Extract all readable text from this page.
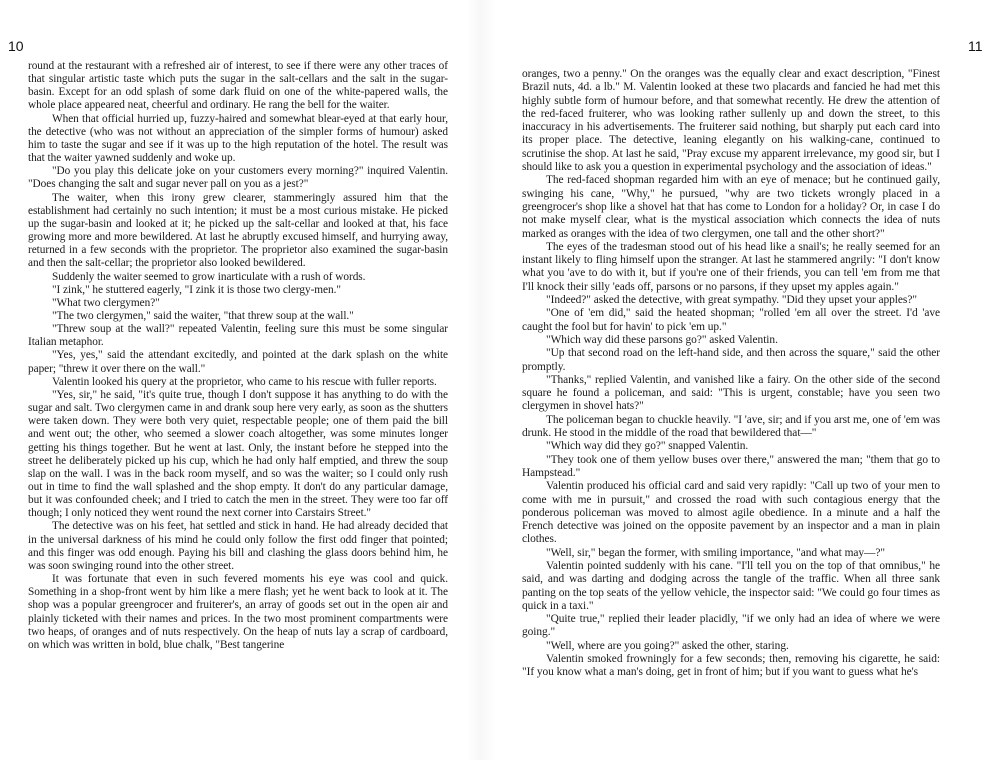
10	11

round at the restaurant with a refreshed air of interest, to see if there were any other traces of that singular artistic taste which puts the sugar in the salt-cellars and the salt in the sugar-basin. Except for an odd splash of some dark fluid on one of the white-papered walls, the whole place appeared neat, cheerful and ordinary. He rang the bell for the waiter.

When that official hurried up, fuzzy-haired and somewhat blear-eyed at that early hour, the detective (who was not without an appreciation of the simpler forms of humour) asked him to taste the sugar and see if it was up to the high reputation of the hotel. The result was that the waiter yawned suddenly and woke up.

"Do you play this delicate joke on your customers every morning?" inquired Valentin. "Does changing the salt and sugar never pall on you as a jest?"

The waiter, when this irony grew clearer, stammeringly assured him that the establishment had certainly no such intention; it must be a most curious mistake. He picked up the sugar-basin and looked at it; he picked up the salt-cellar and looked at that, his face growing more and more bewildered. At last he abruptly excused himself, and hurrying away, returned in a few seconds with the proprietor. The proprietor also examined the sugar-basin and then the salt-cellar; the proprietor also looked bewildered.

Suddenly the waiter seemed to grow inarticulate with a rush of words.

"I zink," he stuttered eagerly, "I zink it is those two clergy-men."

"What two clergymen?"

"The two clergymen," said the waiter, "that threw soup at the wall."

"Threw soup at the wall?" repeated Valentin, feeling sure this must be some singular Italian metaphor.

"Yes, yes," said the attendant excitedly, and pointed at the dark splash on the white paper; "threw it over there on the wall."

Valentin looked his query at the proprietor, who came to his rescue with fuller reports.

"Yes, sir," he said, "it's quite true, though I don't suppose it has anything to do with the sugar and salt. Two clergymen came in and drank soup here very early, as soon as the shutters were taken down. They were both very quiet, respectable people; one of them paid the bill and went out; the other, who seemed a slower coach altogether, was some minutes longer getting his things together. But he went at last. Only, the instant before he stepped into the street he deliberately picked up his cup, which he had only half emptied, and threw the soup slap on the wall. I was in the back room myself, and so was the waiter; so I could only rush out in time to find the wall splashed and the shop empty. It don't do any particular damage, but it was confounded cheek; and I tried to catch the men in the street. They were too far off though; I only noticed they went round the next corner into Carstairs Street."

The detective was on his feet, hat settled and stick in hand. He had already decided that in the universal darkness of his mind he could only follow the first odd finger that pointed; and this finger was odd enough. Paying his bill and clashing the glass doors behind him, he was soon swinging round into the other street.

It was fortunate that even in such fevered moments his eye was cool and quick. Something in a shop-front went by him like a mere flash; yet he went back to look at it. The shop was a popular greengrocer and fruiterer's, an array of goods set out in the open air and plainly ticketed with their names and prices. In the two most prominent compartments were two heaps, of oranges and of nuts respectively. On the heap of nuts lay a scrap of cardboard, on which was written in bold, blue chalk, "Best tangerine

oranges, two a penny." On the oranges was the equally clear and exact description, "Finest Brazil nuts, 4d. a lb." M. Valentin looked at these two placards and fancied he had met this highly subtle form of humour before, and that somewhat recently. He drew the attention of the red-faced fruiterer, who was looking rather sullenly up and down the street, to this inaccuracy in his advertisements. The fruiterer said nothing, but sharply put each card into its proper place. The detective, leaning elegantly on his walking-cane, continued to scrutinise the shop. At last he said, "Pray excuse my apparent irrelevance, my good sir, but I should like to ask you a question in experimental psychology and the association of ideas."

The red-faced shopman regarded him with an eye of menace; but he continued gaily, swinging his cane, "Why," he pursued, "why are two tickets wrongly placed in a greengrocer's shop like a shovel hat that has come to London for a holiday? Or, in case I do not make myself clear, what is the mystical association which connects the idea of nuts marked as oranges with the idea of two clergymen, one tall and the other short?"

The eyes of the tradesman stood out of his head like a snail's; he really seemed for an instant likely to fling himself upon the stranger. At last he stammered angrily: "I don't know what you 'ave to do with it, but if you're one of their friends, you can tell 'em from me that I'll knock their silly 'eads off, parsons or no parsons, if they upset my apples again."

"Indeed?" asked the detective, with great sympathy. "Did they upset your apples?"

"One of 'em did," said the heated shopman; "rolled 'em all over the street. I'd 'ave caught the fool but for havin' to pick 'em up."

"Which way did these parsons go?" asked Valentin.

"Up that second road on the left-hand side, and then across the square," said the other promptly.

"Thanks," replied Valentin, and vanished like a fairy. On the other side of the second square he found a policeman, and said: "This is urgent, constable; have you seen two clergymen in shovel hats?"

The policeman began to chuckle heavily. "I 'ave, sir; and if you arst me, one of 'em was drunk. He stood in the middle of the road that bewildered that—"

"Which way did they go?" snapped Valentin.

"They took one of them yellow buses over there," answered the man; "them that go to Hampstead."

Valentin produced his official card and said very rapidly: "Call up two of your men to come with me in pursuit," and crossed the road with such contagious energy that the ponderous policeman was moved to almost agile obedience. In a minute and a half the French detective was joined on the opposite pavement by an inspector and a man in plain clothes.

"Well, sir," began the former, with smiling importance, "and what may—?"

Valentin pointed suddenly with his cane. "I'll tell you on the top of that omnibus," he said, and was darting and dodging across the tangle of the traffic. When all three sank panting on the top seats of the yellow vehicle, the inspector said: "We could go four times as quick in a taxi."

"Quite true," replied their leader placidly, "if we only had an idea of where we were going."

"Well, where are you going?" asked the other, staring.

Valentin smoked frowningly for a few seconds; then, removing his cigarette, he said: "If you know what a man's doing, get in front of him; but if you want to guess what he's
